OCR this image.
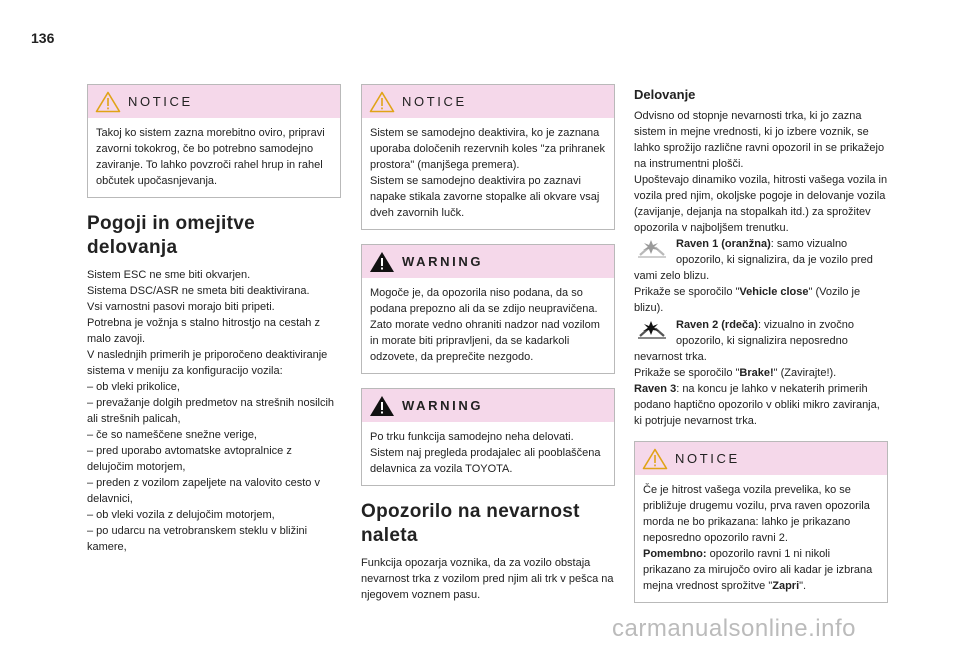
136
NOTICE

Takoj ko sistem zazna morebitno oviro, pripravi zavorni tokokrog, če bo potrebno samodejno zaviranje. To lahko povzroči rahel hrup in rahel občutek upočasnjevanja.

Pogoji in omejitve delovanja

Sistem ESC ne sme biti okvarjen.
Sistema DSC/ASR ne smeta biti deaktivirana.
Vsi varnostni pasovi morajo biti pripeti.
Potrebna je vožnja s stalno hitrostjo na cestah z malo zavoji.
V naslednjih primerih je priporočeno deaktiviranje sistema v meniju za konfiguracijo vozila:
– ob vleki prikolice,
– prevažanje dolgih predmetov na strešnih nosilcih ali strešnih palicah,
– če so nameščene snežne verige,
– pred uporabo avtomatske avtopralnice z delujočim motorjem,
– preden z vozilom zapeljete na valovito cesto v delavnici,
– ob vleki vozila z delujočim motorjem,
– po udarcu na vetrobranskem steklu v bližini kamere,

NOTICE

Sistem se samodejno deaktivira, ko je zaznana uporaba določenih rezervnih koles "za prihranek prostora" (manjšega premera).
Sistem se samodejno deaktivira po zaznavi napake stikala zavorne stopalke ali okvare vsaj dveh zavornih lučk.

WARNING

Mogoče je, da opozorila niso podana, da so podana prepozno ali da se zdijo neupravičena.
Zato morate vedno ohraniti nadzor nad vozilom in morate biti pripravljeni, da se kadarkoli odzovete, da preprečite nezgodo.

WARNING

Po trku funkcija samodejno neha delovati. Sistem naj pregleda prodajalec ali pooblaščena delavnica za vozila TOYOTA.

Opozorilo na nevarnost naleta

Funkcija opozarja voznika, da za vozilo obstaja nevarnost trka z vozilom pred njim ali trk v pešca na njegovem voznem pasu.

Delovanje

Odvisno od stopnje nevarnosti trka, ki jo zazna sistem in mejne vrednosti, ki jo izbere voznik, se lahko sprožijo različne ravni opozoril in se prikažejo na instrumentni plošči.
Upoštevajo dinamiko vozila, hitrosti vašega vozila in vozila pred njim, okoljske pogoje in delovanje vozila (zavijanje, dejanja na stopalkah itd.) za sprožitev opozorila v najboljšem trenutku.

Raven 1 (oranžna): samo vizualno opozorilo, ki signalizira, da je vozilo pred vami zelo blizu.
Prikaže se sporočilo "Vehicle close" (Vozilo je blizu).
Raven 2 (rdeča): vizualno in zvočno opozorilo, ki signalizira neposredno nevarnost trka.
Prikaže se sporočilo "Brake!" (Zavirajte!).
Raven 3: na koncu je lahko v nekaterih primerih podano haptično opozorilo v obliki mikro zaviranja, ki potrjuje nevarnost trka.
NOTICE

Če je hitrost vašega vozila prevelika, ko se približuje drugemu vozilu, prva raven opozorila morda ne bo prikazana: lahko je prikazano neposredno opozorilo ravni 2.

Pomembno: opozorilo ravni 1 ni nikoli prikazano za mirujočo oviro ali kadar je izbrana mejna vrednost sprožitve "Zapri".

carmanualsonline.info
